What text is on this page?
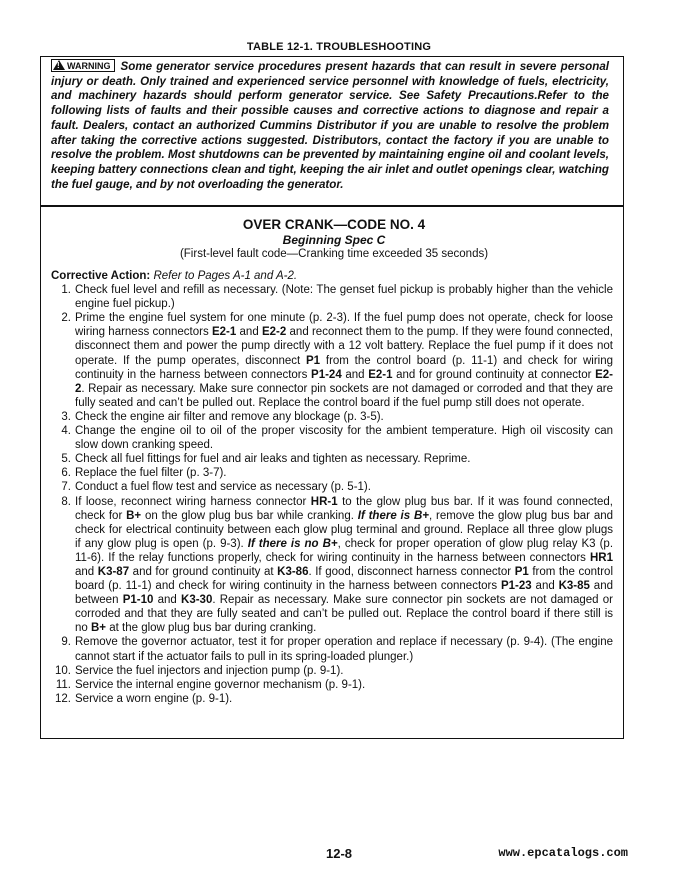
TABLE 12-1. TROUBLESHOOTING
! WARNING Some generator service procedures present hazards that can result in severe personal injury or death. Only trained and experienced service personnel with knowledge of fuels, electricity, and machinery hazards should perform generator service. See Safety Precautions.Refer to the following lists of faults and their possible causes and corrective actions to diagnose and repair a fault. Dealers, contact an authorized Cummins Distributor if you are unable to resolve the problem after taking the corrective actions suggested. Distributors, contact the factory if you are unable to resolve the problem. Most shutdowns can be prevented by maintaining engine oil and coolant levels, keeping battery connections clean and tight, keeping the air inlet and outlet openings clear, watching the fuel gauge, and by not overloading the generator.
OVER CRANK—CODE NO. 4
Beginning Spec C
(First-level fault code—Cranking time exceeded 35 seconds)
Corrective Action: Refer to Pages A-1 and A-2.
1. Check fuel level and refill as necessary. (Note: The genset fuel pickup is probably higher than the vehicle engine fuel pickup.)
2. Prime the engine fuel system for one minute (p. 2-3). If the fuel pump does not operate, check for loose wiring harness connectors E2-1 and E2-2 and reconnect them to the pump. If they were found connected, disconnect them and power the pump directly with a 12 volt battery. Replace the fuel pump if it does not operate. If the pump operates, disconnect P1 from the control board (p. 11-1) and check for wiring continuity in the harness between connectors P1-24 and E2-1 and for ground continuity at connector E2-2. Repair as necessary. Make sure connector pin sockets are not damaged or corroded and that they are fully seated and can’t be pulled out. Replace the control board if the fuel pump still does not operate.
3. Check the engine air filter and remove any blockage (p. 3-5).
4. Change the engine oil to oil of the proper viscosity for the ambient temperature. High oil viscosity can slow down cranking speed.
5. Check all fuel fittings for fuel and air leaks and tighten as necessary. Reprime.
6. Replace the fuel filter (p. 3-7).
7. Conduct a fuel flow test and service as necessary (p. 5-1).
8. If loose, reconnect wiring harness connector HR-1 to the glow plug bus bar. If it was found connected, check for B+ on the glow plug bus bar while cranking. If there is B+, remove the glow plug bus bar and check for electrical continuity between each glow plug terminal and ground. Replace all three glow plugs if any glow plug is open (p. 9-3). If there is no B+, check for proper operation of glow plug relay K3 (p. 11-6). If the relay functions properly, check for wiring continuity in the harness between connectors HR1 and K3-87 and for ground continuity at K3-86. If good, disconnect harness connector P1 from the control board (p. 11-1) and check for wiring continuity in the harness between connectors P1-23 and K3-85 and between P1-10 and K3-30. Repair as necessary. Make sure connector pin sockets are not damaged or corroded and that they are fully seated and can’t be pulled out. Replace the control board if there still is no B+ at the glow plug bus bar during cranking.
9. Remove the governor actuator, test it for proper operation and replace if necessary (p. 9-4). (The engine cannot start if the actuator fails to pull in its spring-loaded plunger.)
10. Service the fuel injectors and injection pump (p. 9-1).
11. Service the internal engine governor mechanism (p. 9-1).
12. Service a worn engine (p. 9-1).
12-8	www.epcatalogs.com
